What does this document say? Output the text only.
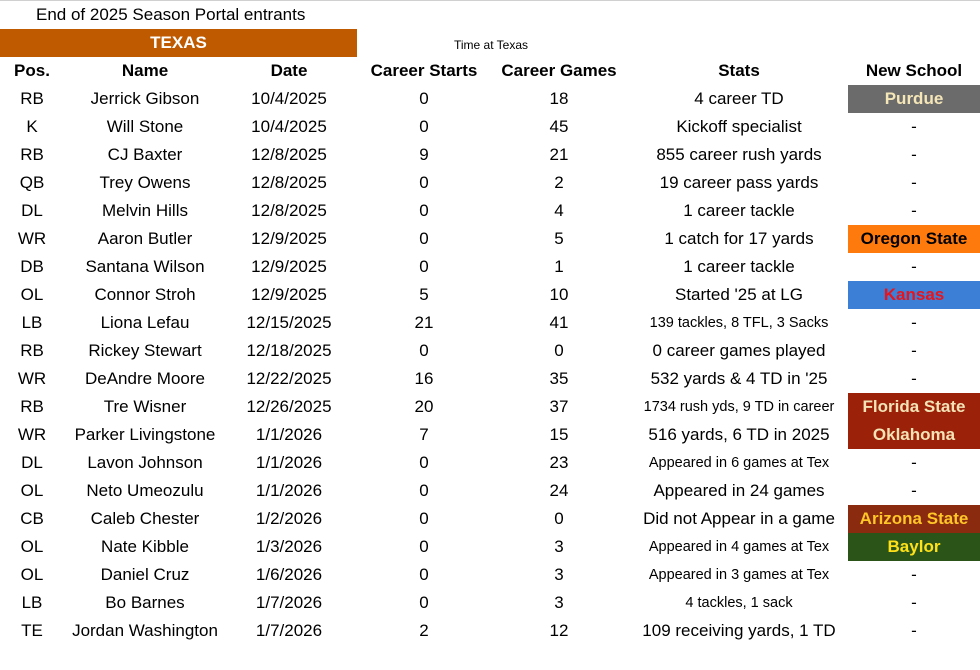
End of 2025 Season Portal entrants
TEXAS	Time at Texas
Pos.	Name	Date	Career Starts	Career Games	Stats	New School
RB	Jerrick Gibson	10/4/2025	0	18	4 career TD	Purdue
K	Will Stone	10/4/2025	0	45	Kickoff specialist	-
RB	CJ Baxter	12/8/2025	9	21	855 career rush yards	-
QB	Trey Owens	12/8/2025	0	2	19 career pass yards	-
DL	Melvin Hills	12/8/2025	0	4	1 career tackle	-
WR	Aaron Butler	12/9/2025	0	5	1 catch for 17 yards	Oregon State
DB	Santana Wilson	12/9/2025	0	1	1 career tackle	-
OL	Connor Stroh	12/9/2025	5	10	Started '25 at LG	Kansas
LB	Liona Lefau	12/15/2025	21	41	139 tackles, 8 TFL, 3 Sacks	-
RB	Rickey Stewart	12/18/2025	0	0	0 career games played	-
WR	DeAndre Moore	12/22/2025	16	35	532 yards & 4 TD in '25	-
RB	Tre Wisner	12/26/2025	20	37	1734 rush yds, 9 TD in career	Florida State
WR	Parker Livingstone	1/1/2026	7	15	516 yards, 6 TD in 2025	Oklahoma
DL	Lavon Johnson	1/1/2026	0	23	Appeared in 6 games at Tex	-
OL	Neto Umeozulu	1/1/2026	0	24	Appeared in 24 games	-
CB	Caleb Chester	1/2/2026	0	0	Did not Appear in a game	Arizona State
OL	Nate Kibble	1/3/2026	0	3	Appeared in 4 games at Tex	Baylor
OL	Daniel Cruz	1/6/2026	0	3	Appeared in 3 games at Tex	-
LB	Bo Barnes	1/7/2026	0	3	4 tackles, 1 sack	-
TE	Jordan Washington	1/7/2026	2	12	109 receiving yards, 1 TD	-
